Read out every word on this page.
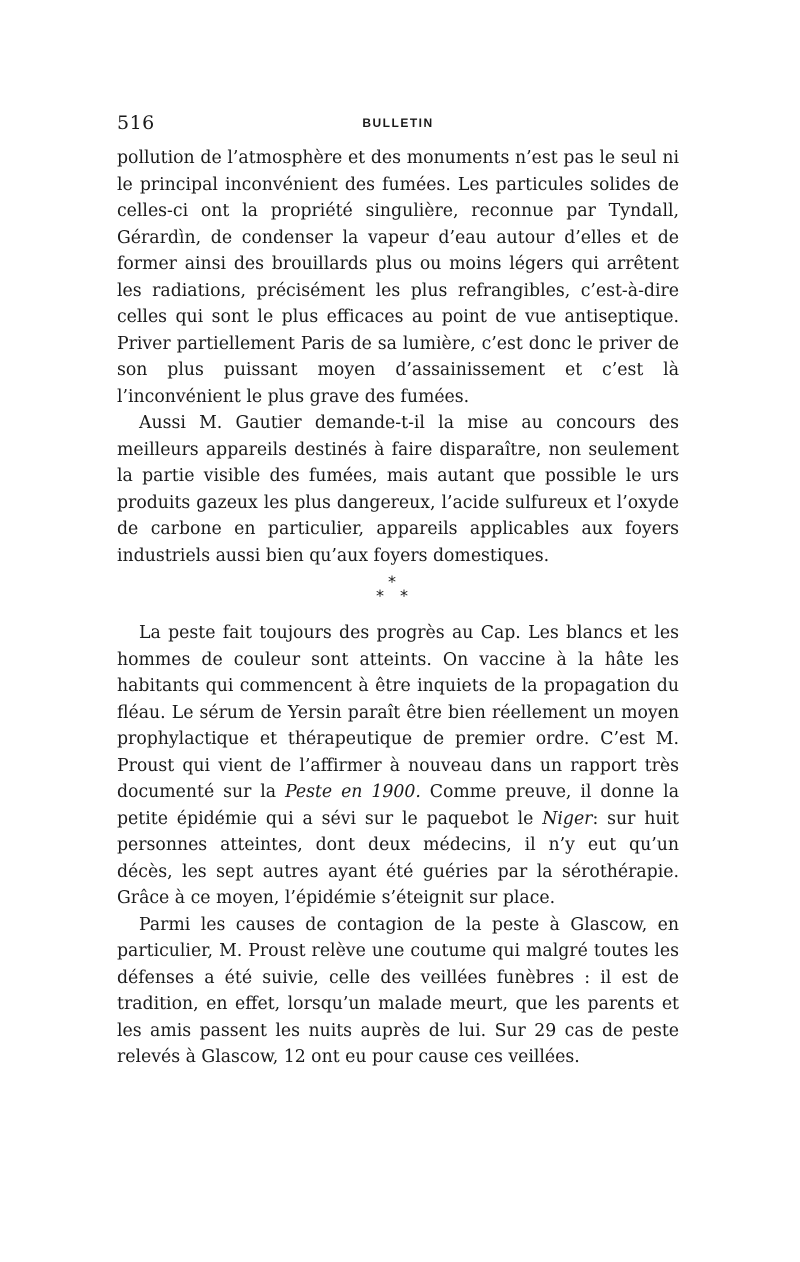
516	BULLETIN

pollution de l’atmosphère et des monuments n’est pas le seul ni le principal inconvénient des fumées. Les particules solides de celles-ci ont la propriété singulière, reconnue par Tyndall, Gérardìn, de condenser la vapeur d’eau autour d’elles et de former ainsi des brouillards plus ou moins légers qui arrêtent les radiations, précisément les plus refrangibles, c’est-à-dire celles qui sont le plus efficaces au point de vue antiseptique. Priver partiellement Paris de sa lumière, c’est donc le priver de son plus puissant moyen d’assainissement et c’est là l’inconvénient le plus grave des fumées.

Aussi M. Gautier demande-t-il la mise au concours des meilleurs appareils destinés à faire disparaître, non seulement la partie visible des fumées, mais autant que possible le urs produits gazeux les plus dangereux, l’acide sulfureux et l’oxyde de carbone en particulier, appareils applicables aux foyers industriels aussi bien qu’aux foyers domestiques.

*
* *

La peste fait toujours des progrès au Cap. Les blancs et les hommes de couleur sont atteints. On vaccine à la hâte les habitants qui commencent à être inquiets de la propagation du fléau. Le sérum de Yersin paraît être bien réellement un moyen prophylactique et thérapeutique de premier ordre. C’est M. Proust qui vient de l’affirmer à nouveau dans un rapport très documenté sur la Peste en 1900. Comme preuve, il donne la petite épidémie qui a sévi sur le paquebot le Niger: sur huit personnes atteintes, dont deux médecins, il n’y eut qu’un décès, les sept autres ayant été guéries par la sérothérapie. Grâce à ce moyen, l’épidémie s’éteignit sur place.

Parmi les causes de contagion de la peste à Glascow, en particulier, M. Proust relève une coutume qui malgré toutes les défenses a été suivie, celle des veillées funèbres : il est de tradition, en effet, lorsqu’un malade meurt, que les parents et les amis passent les nuits auprès de lui. Sur 29 cas de peste relevés à Glascow, 12 ont eu pour cause ces veillées.
